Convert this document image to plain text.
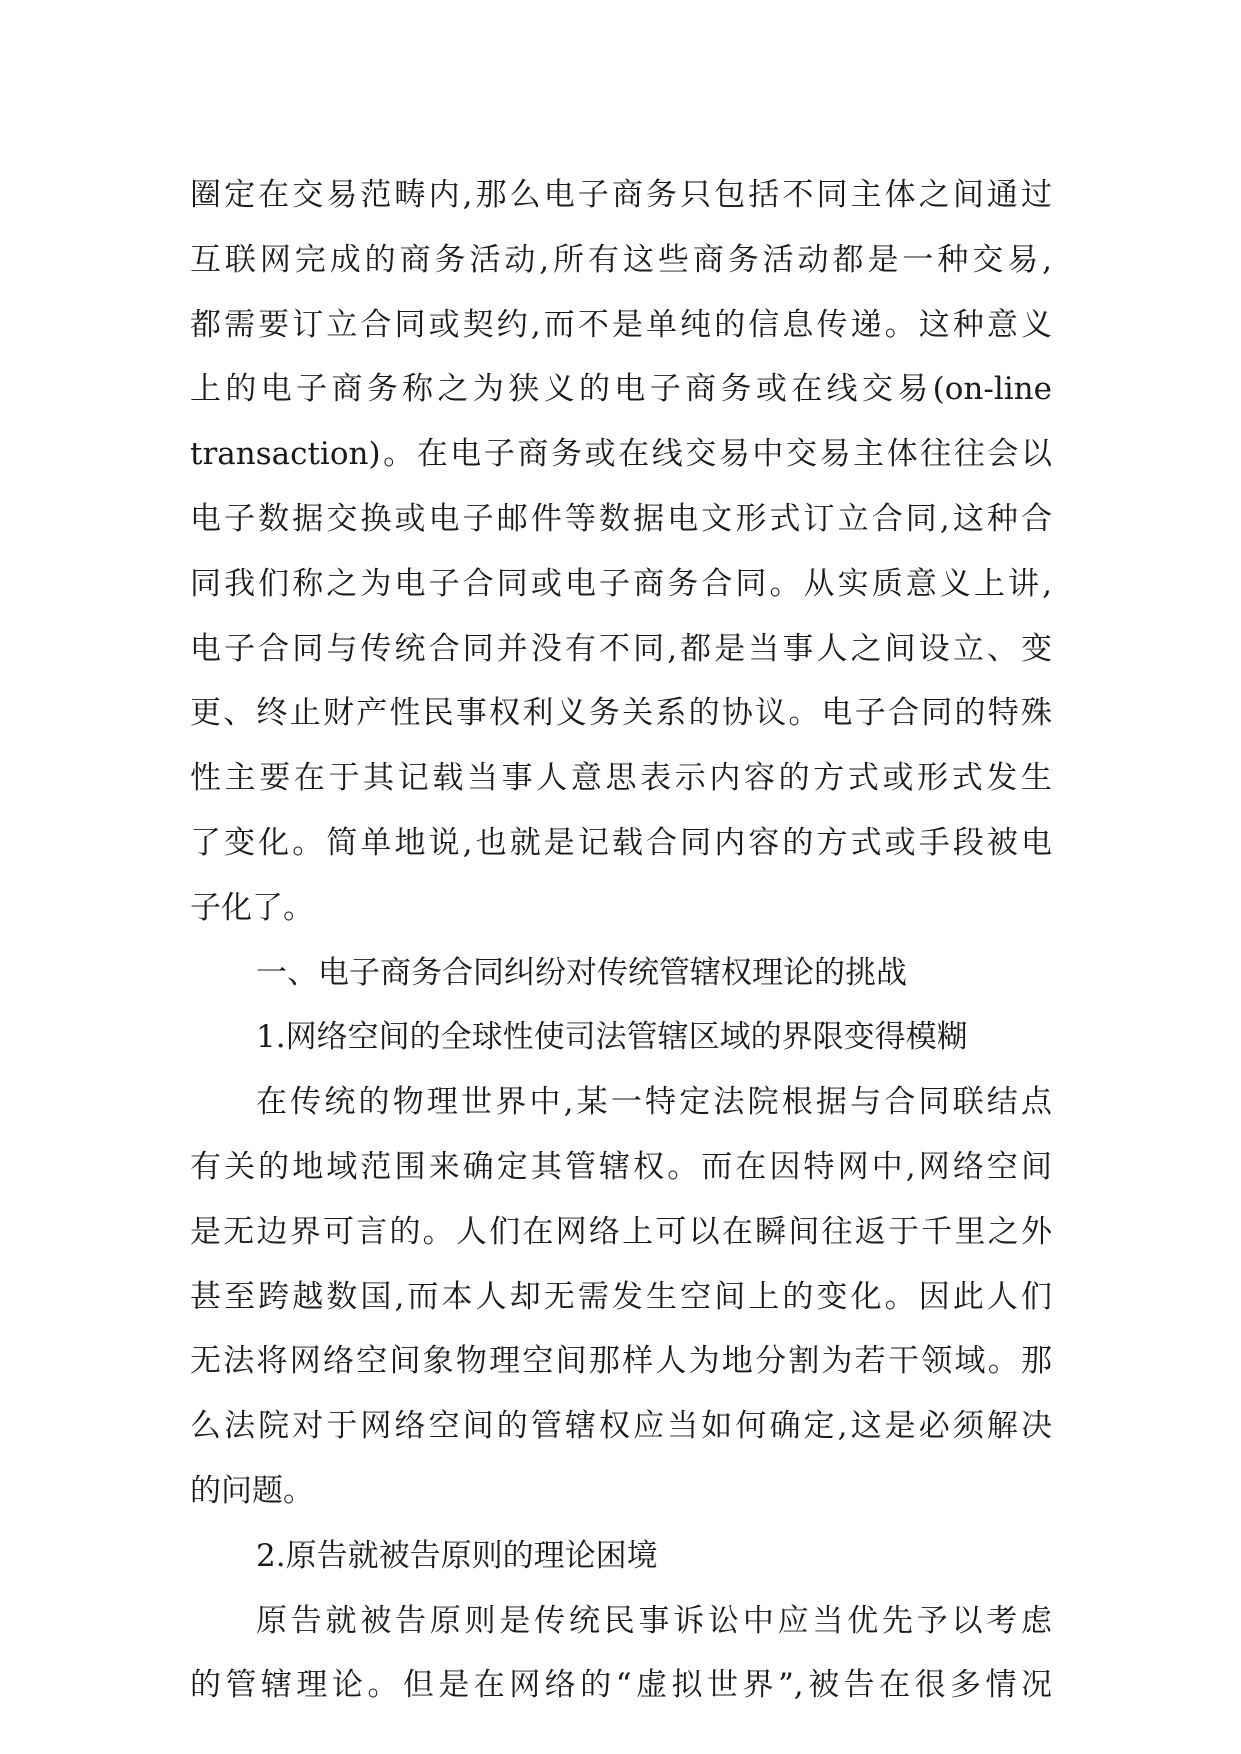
圈定在交易范畴内,那么电子商务只包括不同主体之间通过
互联网完成的商务活动,所有这些商务活动都是一种交易,
都需要订立合同或契约,而不是单纯的信息传递。这种意义
上的电子商务称之为狭义的电子商务或在线交易(on-line
transaction)。在电子商务或在线交易中交易主体往往会以
电子数据交换或电子邮件等数据电文形式订立合同,这种合
同我们称之为电子合同或电子商务合同。从实质意义上讲,
电子合同与传统合同并没有不同,都是当事人之间设立、变
更、终止财产性民事权利义务关系的协议。电子合同的特殊
性主要在于其记载当事人意思表示内容的方式或形式发生
了变化。简单地说,也就是记载合同内容的方式或手段被电
子化了。
一、电子商务合同纠纷对传统管辖权理论的挑战
1.网络空间的全球性使司法管辖区域的界限变得模糊
在传统的物理世界中,某一特定法院根据与合同联结点
有关的地域范围来确定其管辖权。而在因特网中,网络空间
是无边界可言的。人们在网络上可以在瞬间往返于千里之外
甚至跨越数国,而本人却无需发生空间上的变化。因此人们
无法将网络空间象物理空间那样人为地分割为若干领域。那
么法院对于网络空间的管辖权应当如何确定,这是必须解决
的问题。
2.原告就被告原则的理论困境
原告就被告原则是传统民事诉讼中应当优先予以考虑
的管辖理论。但是在网络的“虚拟世界”,被告在很多情况
